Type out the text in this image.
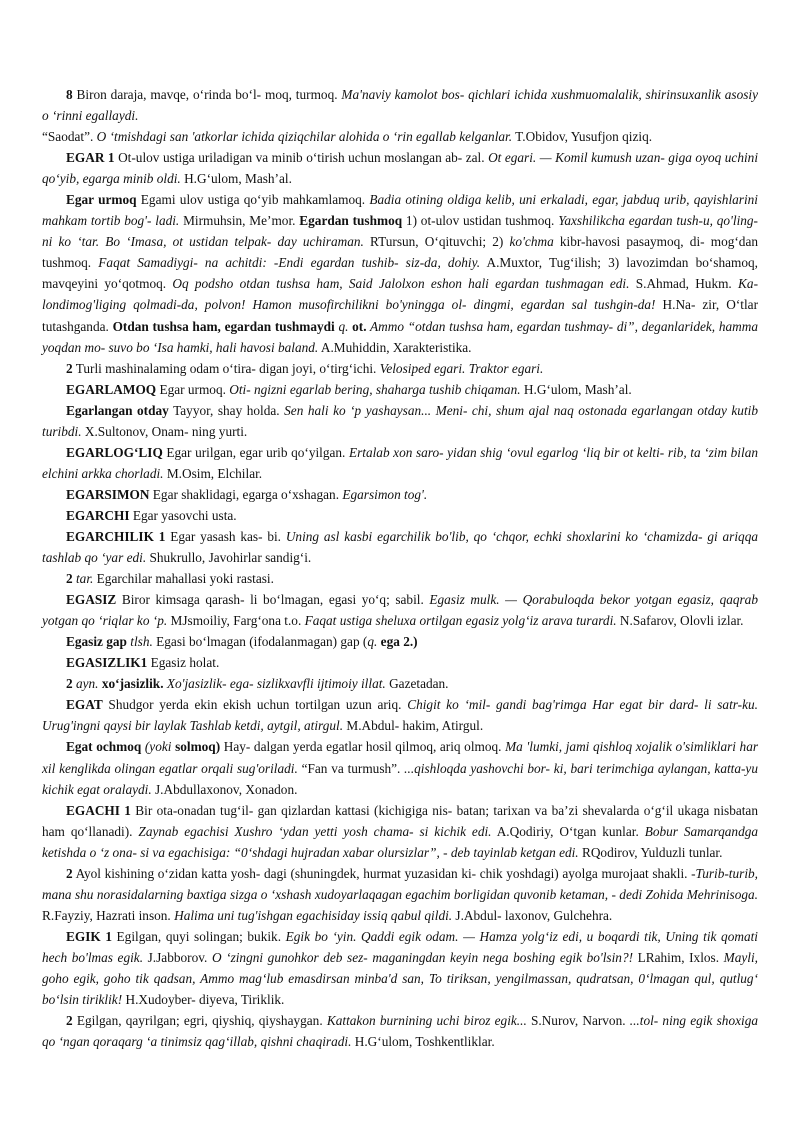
8 Biron daraja, mavqe, o‘rinda bo‘l- moq, turmoq. Ma'naviy kamolot bos- qichlari ichida xushmuomalalik, shirinsuxanlik asosiy o ‘rinni egallaydi.

“Saodat”. O ‘tmishdagi san 'atkorlar ichida qiziqchilar alohida o ‘rin egallab kelganlar. T.Obidov, Yusufjon qiziq.

EGAR 1 Ot-ulov ustiga uriladigan va minib o‘tirish uchun moslangan ab- zal. Ot egari. — Komil kumush uzan- giga oyoq uchini qo‘yib, egarga minib oldi. H.G‘ulom, Mash’al.

Egar urmoq Egami ulov ustiga qo‘yib mahkamlamoq. Badia otining oldiga kelib, uni erkaladi, egar, jabduq urib, qayishlarini mahkam tortib bog'- ladi. Mirmuhsin, Me’mor. Egardan tushmoq 1) ot-ulov ustidan tushmoq. Yaxshilikcha egardan tush-u, qo'ling- ni ko ‘tar. Bo ‘Imasa, ot ustidan telpak- day uchiraman. RTursun, O‘qituvchi; 2) ko'chma kibr-havosi pasaymoq, di- mog‘dan tushmoq. Faqat Samadiygi- na achitdi: -Endi egardan tushib- siz-da, dohiy. A.Muxtor, Tug‘ilish; 3) lavozimdan bo‘shamoq, mavqeyini yo‘qotmoq. Oq podsho otdan tushsa ham, Said Jalolxon eshon hali egardan tushmagan edi. S.Ahmad, Hukm. Ka- londimog'liging qolmadi-da, polvon! Hamon musofirchilikni bo'yningga ol- dingmi, egardan sal tushgin-da! H.Na- zir, O‘tlar tutashganda. Otdan tushsa ham, egardan tushmaydi q. ot. Ammo “otdan tushsa ham, egardan tushmay- di”, deganlaridek, hamma yoqdan mo- suvo bo ‘Isa hamki, hali havosi baland. A.Muhiddin, Xarakteristika.

2 Turli mashinalaming odam o‘tira- digan joyi, o‘tirg‘ichi. Velosiped egari. Traktor egari.

EGARLAMOQ Egar urmoq. Oti- ngizni egarlab bering, shaharga tushib chiqaman. H.G‘ulom, Mash’al.

Egarlangan otday Tayyor, shay holda. Sen hali ko ‘p yashaysan... Meni- chi, shum ajal naq ostonada egarlangan otday kutib turibdi. X.Sultonov, Onam- ning yurti.

EGARLOG‘LIQ Egar urilgan, egar urib qo‘yilgan. Ertalab xon saro- yidan shig ‘ovul egarlog ‘liq bir ot kelti- rib, ta ‘zim bilan elchini arkka chorladi. M.Osim, Elchilar.

EGARSIMON Egar shaklidagi, egarga o‘xshagan. Egarsimon tog'.

EGARCHI Egar yasovchi usta.

EGARCHILIK 1 Egar yasash kas- bi. Uning asl kasbi egarchilik bo'lib, qo ‘chqor, echki shoxlarini ko ‘chamizda- gi ariqqa tashlab qo ‘yar edi. Shukrullo, Javohirlar sandig‘i.

2 tar. Egarchilar mahallasi yoki rastasi.

EGASIZ Biror kimsaga qarash- li bo‘lmagan, egasi yo‘q; sabil. Egasiz mulk. — Qorabuloqda bekor yotgan egasiz, qaqrab yotgan qo ‘riqlar ko ‘p. MJsmoiliy, Farg‘ona t.o. Faqat ustiga sheluxa ortilgan egasiz yolg‘iz arava turardi. N.Safarov, Olovli izlar.

Egasiz gap tlsh. Egasi bo‘lmagan (ifodalanmagan) gap (q. ega 2.)

EGASIZLIK1 Egasiz holat.

2 ayn. xo‘jasizlik. Xo'jasizlik- ega- sizlikxavfli ijtimoiy illat. Gazetadan.

EGAT Shudgor yerda ekin ekish uchun tortilgan uzun ariq. Chigit ko ‘mil- gandi bag'rimga Har egat bir dard- li satr-ku. Urug'ingni qaysi bir laylak Tashlab ketdi, aytgil, atirgul. M.Abdul- hakim, Atirgul.

Egat ochmoq (yoki solmoq) Hay- dalgan yerda egatlar hosil qilmoq, ariq olmoq. Ma 'lumki, jami qishloq xojalik o'simliklari har xil kenglikda olingan egatlar orqali sug'oriladi. “Fan va turmush”. ...qishloqda yashovchi bor- ki, bari terimchiga aylangan, katta-yu kichik egat oralaydi. J.Abdullaxonov, Xonadon.

EGACHI 1 Bir ota-onadan tug‘il- gan qizlardan kattasi (kichigiga nis- batan; tarixan va ba’zi shevalarda o‘g‘il ukaga nisbatan ham qo‘llanadi). Zaynab egachisi Xushro ‘ydan yetti yosh chama- si kichik edi. A.Qodiriy, O‘tgan kunlar. Bobur Samarqandga ketishda o ‘z ona- si va egachisiga: “0‘shdagi hujradan xabar olursizlar”, - deb tayinlab ketgan edi. RQodirov, Yulduzli tunlar.

2 Ayol kishining o‘zidan katta yosh- dagi (shuningdek, hurmat yuzasidan ki- chik yoshdagi) ayolga murojaat shakli. -Turib-turib, mana shu norasidalarning baxtiga sizga o ‘xshash xudoyarlaqagan egachim borligidan quvonib ketaman, - dedi Zohida Mehrinisoga. R.Fayziy, Hazrati inson. Halima uni tug'ishgan egachisiday issiq qabul qildi. J.Abdul- laxonov, Gulchehra.

EGIK 1 Egilgan, quyi solingan; bukik. Egik bo ‘yin. Qaddi egik odam. — Hamza yolg‘iz edi, u boqardi tik, Uning tik qomati hech bo'lmas egik. J.Jabborov. O ‘zingni gunohkor deb sez- maganingdan keyin nega boshing egik bo'lsin?! LRahim, Ixlos. Mayli, goho egik, goho tik qadsan, Ammo mag‘lub emasdirsan minba'd san, To tiriksan, yengilmassan, qudratsan, 0‘lmagan qul, qutlug‘ bo‘lsin tiriklik! H.Xudoyber- diyeva, Tiriklik.

2 Egilgan, qayrilgan; egri, qiyshiq, qiyshaygan. Kattakon burnining uchi biroz egik... S.Nurov, Narvon. ...tol- ning egik shoxiga qo ‘ngan qoraqarg ‘a tinimsiz qag‘illab, qishni chaqiradi. H.G‘ulom, Toshkentliklar.
